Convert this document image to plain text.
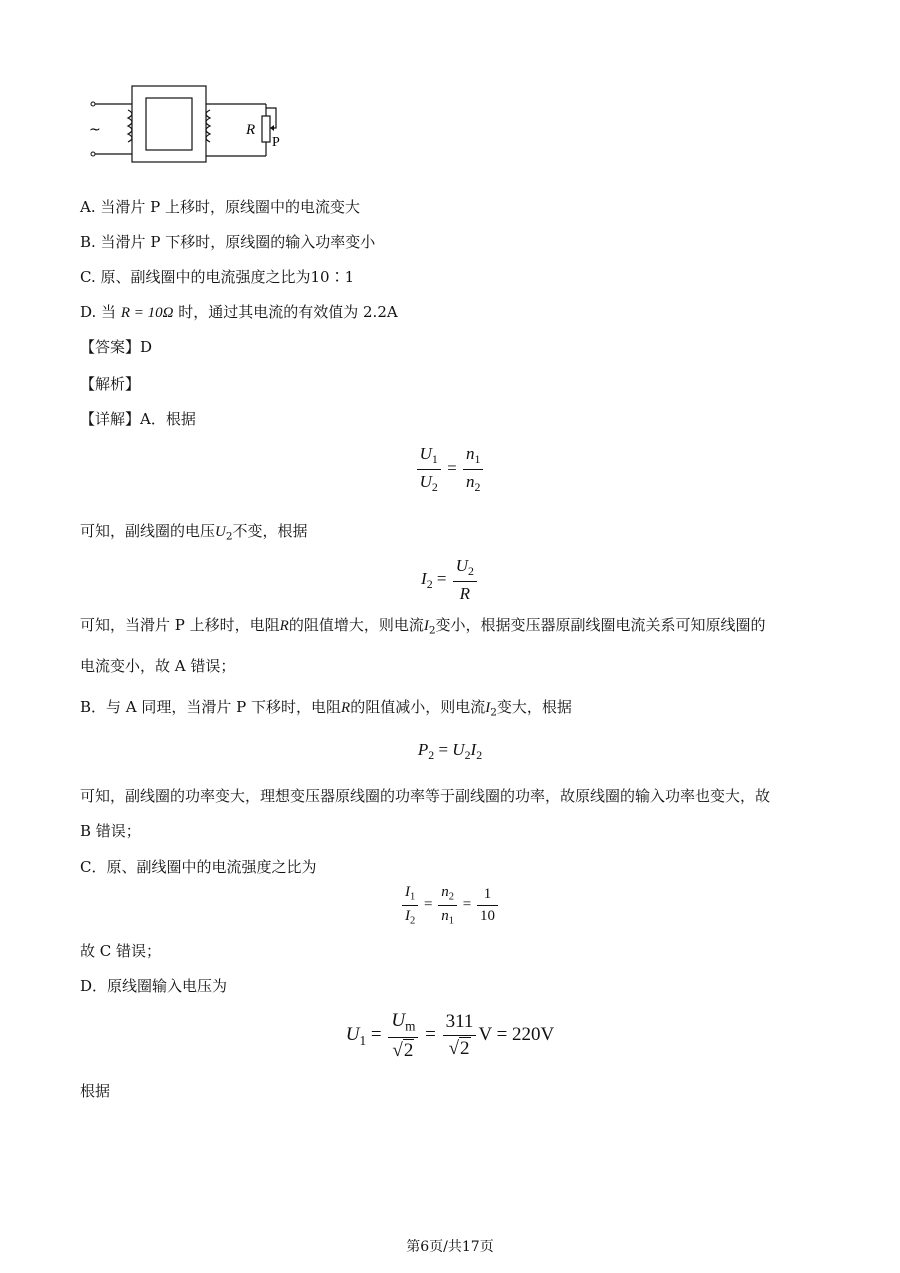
~	R
P
A. 当滑片 P 上移时，原线圈中的电流变大
B. 当滑片 P 下移时，原线圈的输入功率变小
C. 原、副线圈中的电流强度之比为10∶1
D. 当 R = 10Ω 时，通过其电流的有效值为 2.2A
【答案】D
【解析】
【详解】A．根据
$\frac{U_1}{U_2} = \frac{n_1}{n_2}$
可知，副线圈的电压$U_2$不变，根据
$I_2 = \frac{U_2}{R}$
可知，当滑片 P 上移时，电阻R的阻值增大，则电流$I_2$变小，根据变压器原副线圈电流关系可知原线圈的
电流变小，故 A 错误；
B．与 A 同理，当滑片 P 下移时，电阻R的阻值减小，则电流$I_2$变大，根据
$P_2 = U_2I_2$
可知，副线圈的功率变大，理想变压器原线圈的功率等于副线圈的功率，故原线圈的输入功率也变大，故
B 错误；
C．原、副线圈中的电流强度之比为
$\frac{I_1}{I_2} = \frac{n_2}{n_1} = \frac{1}{10}$
故 C 错误；
D．原线圈输入电压为
$U_1 = \frac{U_m}{√2} = \frac{311}{√2}$ V = 220V
根据
第6页/共17页
